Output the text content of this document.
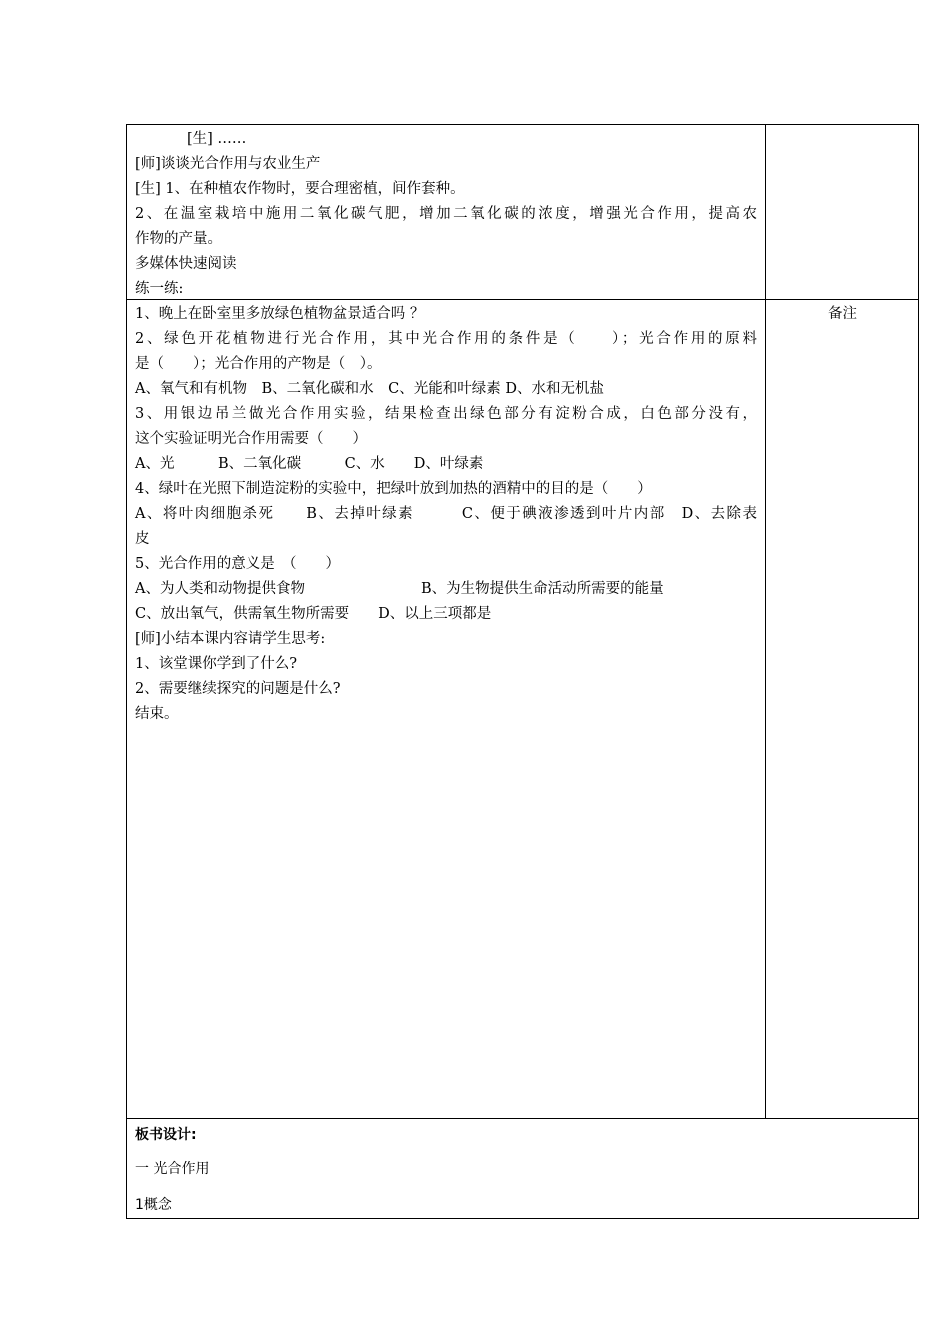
[生] ……
[师]谈谈光合作用与农业生产
[生] 1、在种植农作物时，要合理密植，间作套种。
2、在温室栽培中施用二氧化碳气肥，增加二氧化碳的浓度，增强光合作用，提高农
作物的产量。
多媒体快速阅读
练一练:
1、晚上在卧室里多放绿色植物盆景适合吗 ？
2、绿色开花植物进行光合作用，其中光合作用的条件是（　　）；光合作用的原料
是（　　）；光合作用的产物是（　）。
A、氧气和有机物　B、二氧化碳和水　C、光能和叶绿素 D、水和无机盐
3、用银边吊兰做光合作用实验，结果检查出绿色部分有淀粉合成，白色部分没有，
这个实验证明光合作用需要（　　）
A、光　　　B、二氧化碳　　　C、水　　D、叶绿素
4、绿叶在光照下制造淀粉的实验中，把绿叶放到加热的酒精中的目的是（　　）
A、将叶肉细胞杀死　　B、去掉叶绿素　　　C、便于碘液渗透到叶片内部　D、去除表
皮
5、光合作用的意义是　（　　）
A、为人类和动物提供食物　　　　　　　　B、为生物提供生命活动所需要的能量
C、放出氧气，供需氧生物所需要　　D、以上三项都是
[师]小结本课内容请学生思考:
1、该堂课你学到了什么?
2、需要继续探究的问题是什么?
结束。
备注
板书设计:
一 光合作用
1概念
